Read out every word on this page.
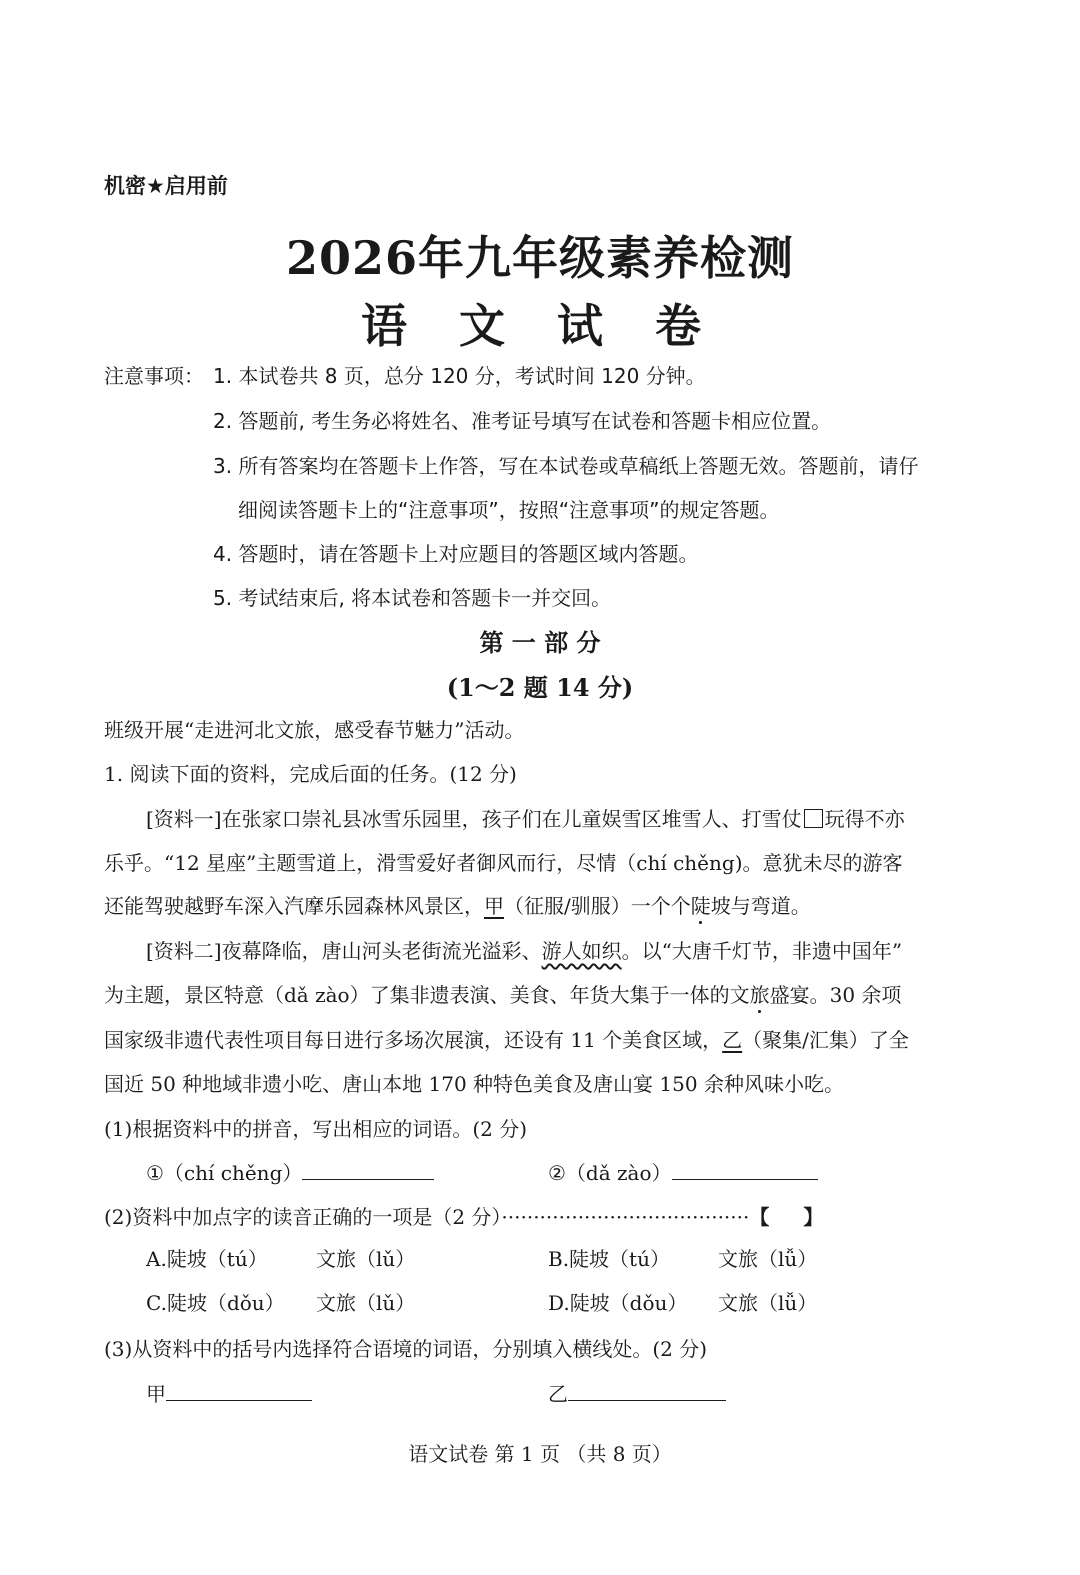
机密★启用前
2026年九年级素养检测
语 文 试 卷
注意事项： 1. 本试卷共 8 页，总分 120 分，考试时间 120 分钟。
2. 答题前, 考生务必将姓名、准考证号填写在试卷和答题卡相应位置。
3. 所有答案均在答题卡上作答，写在本试卷或草稿纸上答题无效。答题前，请仔
细阅读答题卡上的“注意事项”，按照“注意事项”的规定答题。
4. 答题时，请在答题卡上对应题目的答题区域内答题。
5. 考试结束后, 将本试卷和答题卡一并交回。
第 一 部 分
(1～2 题 14 分)
班级开展“走进河北文旅，感受春节魅力”活动。
1. 阅读下面的资料，完成后面的任务。(12 分)
[资料一]在张家口崇礼县冰雪乐园里，孩子们在儿童娱雪区堆雪人、打雪仗 玩得不亦
乐乎。“12 星座”主题雪道上，滑雪爱好者御风而行，尽情（chí chěng)。意犹未尽的游客
还能驾驶越野车深入汽摩乐园森林风景区，甲（征服/驯服）一个个陡坡与弯道。
[资料二]夜幕降临，唐山河头老街流光溢彩、游人如织。以“大唐千灯节，非遗中国年”
为主题，景区特意（dǎ zào）了集非遗表演、美食、年货大集于一体的文旅盛宴。30 余项
国家级非遗代表性项目每日进行多场次展演，还设有 11 个美食区域，乙（聚集/汇集）了全
国近 50 种地域非遗小吃、唐山本地 170 种特色美食及唐山宴 150 余种风味小吃。
(1)根据资料中的拼音，写出相应的词语。(2 分)
①（chí chěng）	②（dǎ zào）
(2)资料中加点字的读音正确的一项是（2 分）·······································【 】
A.陡坡（tú） 文旅（lǔ）	B.陡坡（tú） 文旅（lǚ）
C.陡坡（dǒu） 文旅（lǔ）	D.陡坡（dǒu） 文旅（lǚ）
(3)从资料中的括号内选择符合语境的词语，分别填入横线处。(2 分)
甲	乙
语文试卷 第 1 页 （共 8 页）
